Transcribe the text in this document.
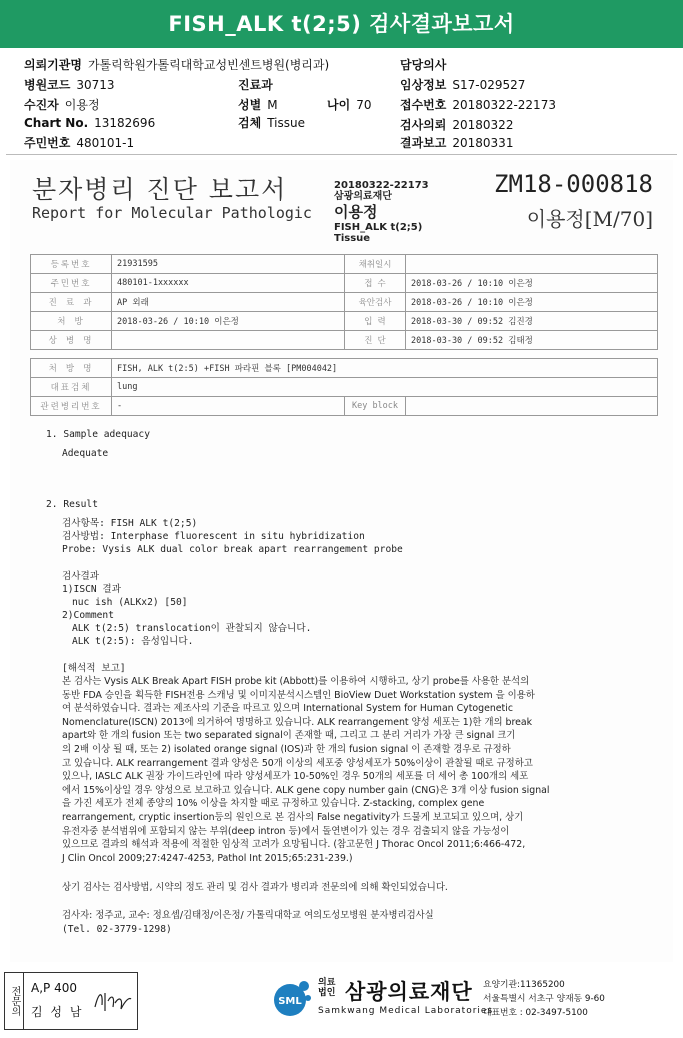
FISH_ALK t(2;5) 검사결과보고서
의뢰기관명 가톨릭학원가톨릭대학교성빈센트병원(병리과)	담당의사
병원코드 30713	진료과	임상정보 S17-029527
수진자 이용정	성별 M	나이 70 접수번호 20180322-22173
Chart No. 13182696	검체 Tissue	검사의뢰 20180322
주민번호 480101-1	결과보고 20180331
분자병리 진단 보고서
Report for Molecular Pathologic
20180322-22173
삼광의료재단
이용정
FISH_ALK t(2;5)
Tissue
ZM18-000818
이용정[M/70]
등록번호	21931595	채취일시	
주민번호	480101-1xxxxxx	접 수	2018-03-26 / 10:10 이은정
진 료 과	AP 외래	육안검사	2018-03-26 / 10:10 이은정
처 방	2018-03-26 / 10:10 이은정	입 력	2018-03-30 / 09:52 김진경
상 병 명		진 단	2018-03-30 / 09:52 김태정
처 방 명	FISH, ALK t(2:5) +FISH 파라핀 블록 [PM004042]		
대표검체	lung		
관련병리번호	-	Key block	
1. Sample adequacy
Adequate
2. Result
검사항목: FISH ALK t(2;5)
검사방법: Interphase fluorescent in situ hybridization
Probe: Vysis ALK dual color break apart rearrangement probe
검사결과
1)ISCN 결과
nuc ish (ALKx2) [50]
2)Comment
ALK t(2:5) translocation이 관찰되지 않습니다.
ALK t(2:5): 음성입니다.
[해석적 보고]
본 검사는 Vysis ALK Break Apart FISH probe kit (Abbott)를 이용하여 시행하고, 상기 probe를 사용한 분석의
동반 FDA 승인을 획득한 FISH전용 스캐닝 및 이미지분석시스템인 BioView Duet Workstation system 을 이용하
여 분석하였습니다. 결과는 제조사의 기준을 따르고 있으며 International System for Human Cytogenetic
Nomenclature(ISCN) 2013에 의거하여 명명하고 있습니다. ALK rearrangement 양성 세포는 1)한 개의 break
apart와 한 개의 fusion 또는 two separated signal이 존재할 때, 그리고 그 분리 거리가 가장 큰 signal 크기
의 2배 이상 될 때, 또는 2) isolated orange signal (IOS)과 한 개의 fusion signal 이 존재할 경우로 규정하
고 있습니다. ALK rearrangement 결과 양성은 50개 이상의 세포중 양성세포가 50%이상이 관찰될 때로 규정하고
있으나, IASLC ALK 권장 가이드라인에 따라 양성세포가 10-50%인 경우 50개의 세포를 더 세어 총 100개의 세포
에서 15%이상일 경우 양성으로 보고하고 있습니다. ALK gene copy number gain (CNG)은 3개 이상 fusion signal
을 가진 세포가 전체 종양의 10% 이상을 차지할 때로 규정하고 있습니다. Z-stacking, complex gene
rearrangement, cryptic insertion등의 원인으로 본 검사의 False negativity가 드물게 보고되고 있으며, 상기
유전자중 분석범위에 포함되지 않는 부위(deep intron 등)에서 돌연변이가 있는 경우 검출되지 않을 가능성이
있으므로 결과의 해석과 적용에 적절한 임상적 고려가 요망됩니다. (참고문헌 J Thorac Oncol 2011;6:466-472,
J Clin Oncol 2009;27:4247-4253, Pathol Int 2015;65:231-239.)
상기 검사는 검사방법, 시약의 정도 관리 및 검사 결과가 병리과 전문의에 의해 확인되었습니다.
검사자: 정주교, 교수: 정요셉/김태정/이은정/ 가톨릭대학교 여의도성모병원 분자병리검사실
(Tel. 02-3779-1298)
전문의 A,P 400
김 성 남
SML
의료
법인 삼광의료재단
Samkwang Medical Laboratories
요양기관:11365200
서울특별시 서초구 양재동 9-60
대표번호 : 02-3497-5100
